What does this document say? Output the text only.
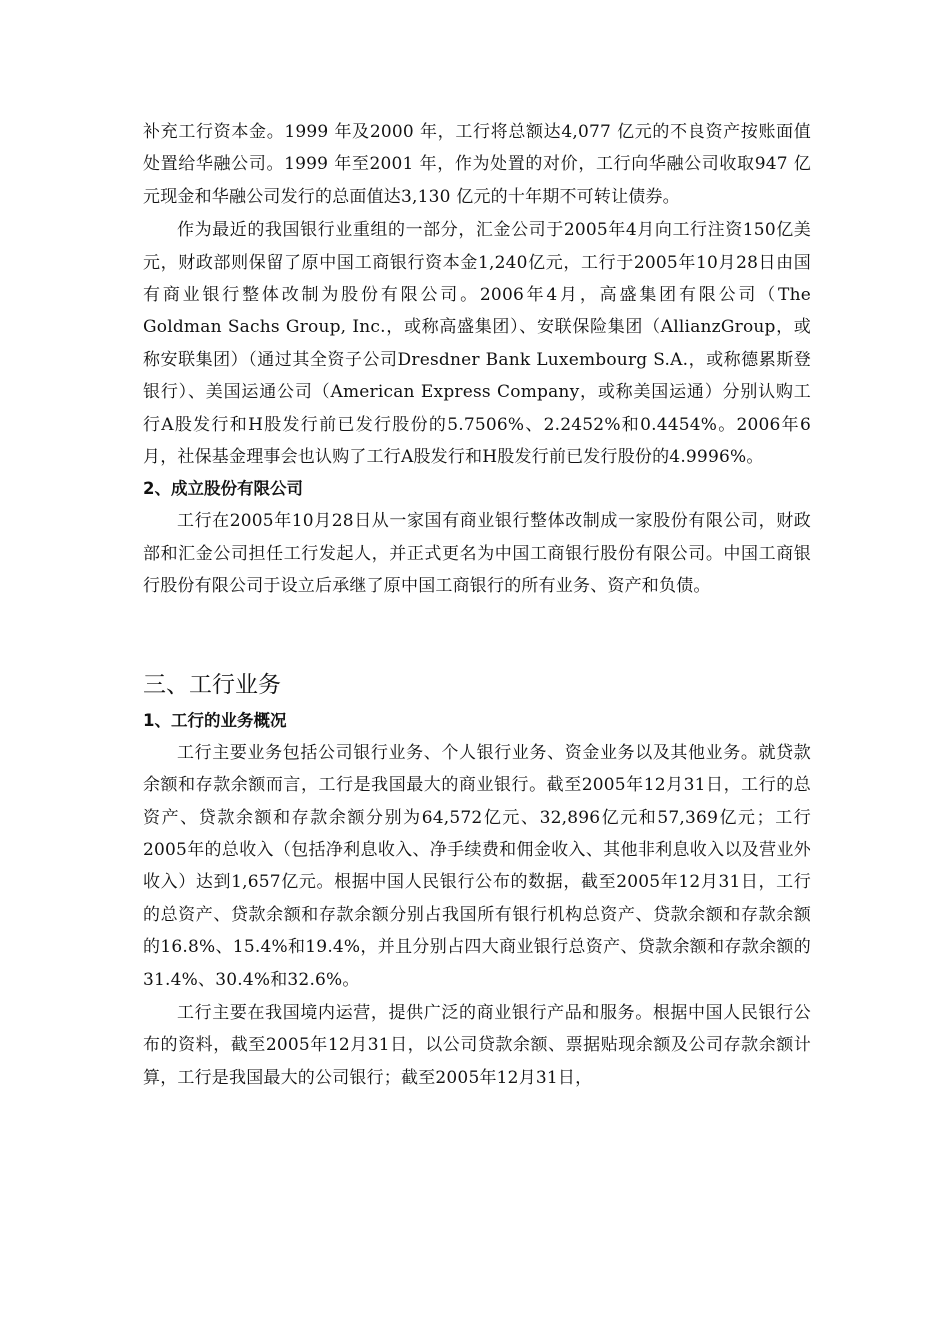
补充工行资本金。1999 年及2000 年，工行将总额达4,077 亿元的不良资产按账面值处置给华融公司。1999 年至2001 年，作为处置的对价，工行向华融公司收取947 亿元现金和华融公司发行的总面值达3,130 亿元的十年期不可转让债券。

作为最近的我国银行业重组的一部分，汇金公司于2005年4月向工行注资150亿美元，财政部则保留了原中国工商银行资本金1,240亿元，工行于2005年10月28日由国有商业银行整体改制为股份有限公司。2006年4月，高盛集团有限公司（The Goldman Sachs Group, Inc.，或称高盛集团）、安联保险集团（AllianzGroup，或称安联集团）（通过其全资子公司Dresdner Bank Luxembourg S.A.，或称德累斯登银行）、美国运通公司（American Express Company，或称美国运通）分别认购工行A股发行和H股发行前已发行股份的5.7506%、2.2452%和0.4454%。2006年6月，社保基金理事会也认购了工行A股发行和H股发行前已发行股份的4.9996%。

2、成立股份有限公司

工行在2005年10月28日从一家国有商业银行整体改制成一家股份有限公司，财政部和汇金公司担任工行发起人，并正式更名为中国工商银行股份有限公司。中国工商银行股份有限公司于设立后承继了原中国工商银行的所有业务、资产和负债。

三、工行业务
1、工行的业务概况

工行主要业务包括公司银行业务、个人银行业务、资金业务以及其他业务。就贷款余额和存款余额而言，工行是我国最大的商业银行。截至2005年12月31日，工行的总资产、贷款余额和存款余额分别为64,572亿元、32,896亿元和57,369亿元；工行2005年的总收入（包括净利息收入、净手续费和佣金收入、其他非利息收入以及营业外收入）达到1,657亿元。根据中国人民银行公布的数据，截至2005年12月31日，工行的总资产、贷款余额和存款余额分别占我国所有银行机构总资产、贷款余额和存款余额的16.8%、15.4%和19.4%，并且分别占四大商业银行总资产、贷款余额和存款余额的31.4%、30.4%和32.6%。

工行主要在我国境内运营，提供广泛的商业银行产品和服务。根据中国人民银行公布的资料，截至2005年12月31日，以公司贷款余额、票据贴现余额及公司存款余额计算，工行是我国最大的公司银行；截至2005年12月31日，
